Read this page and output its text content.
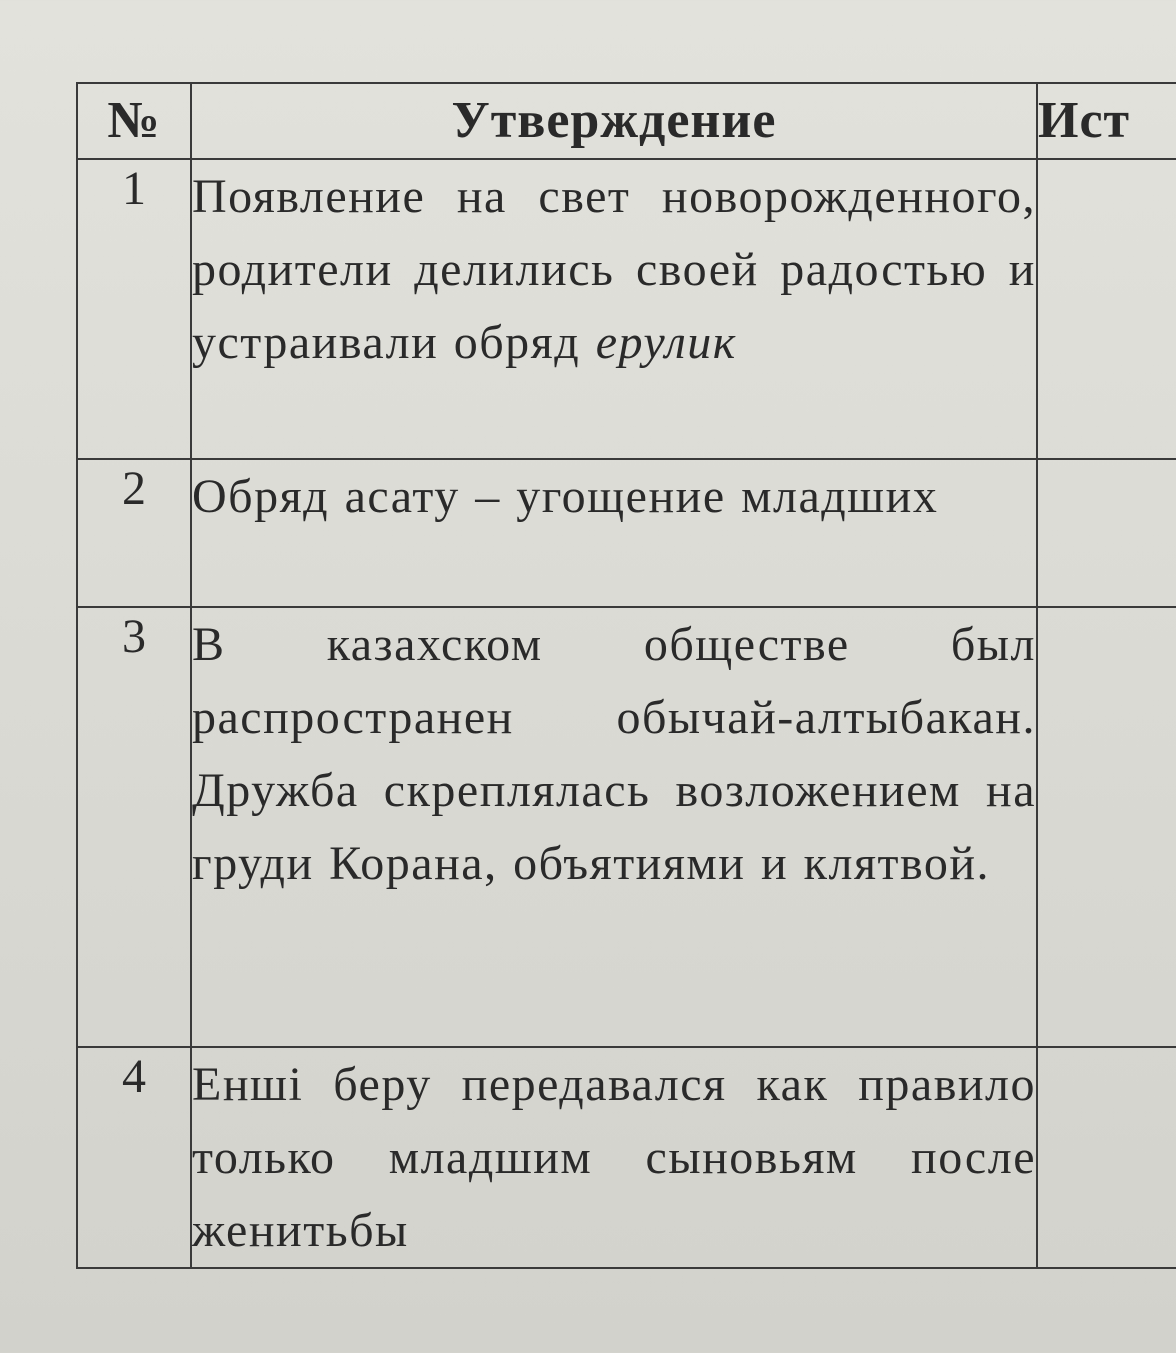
№	Утверждение	Ист
1	Появление на свет новорожденного, родители делились своей радостью и устраивали обряд ерулик	
2	Обряд асату – угощение младших	
3	В казахском обществе был распространен обычай-алтыбакан. Дружба скреплялась возложением на груди Корана, объятиями и клятвой.	
4	Енші беру передавался как правило только младшим сыновьям после женитьбы	
